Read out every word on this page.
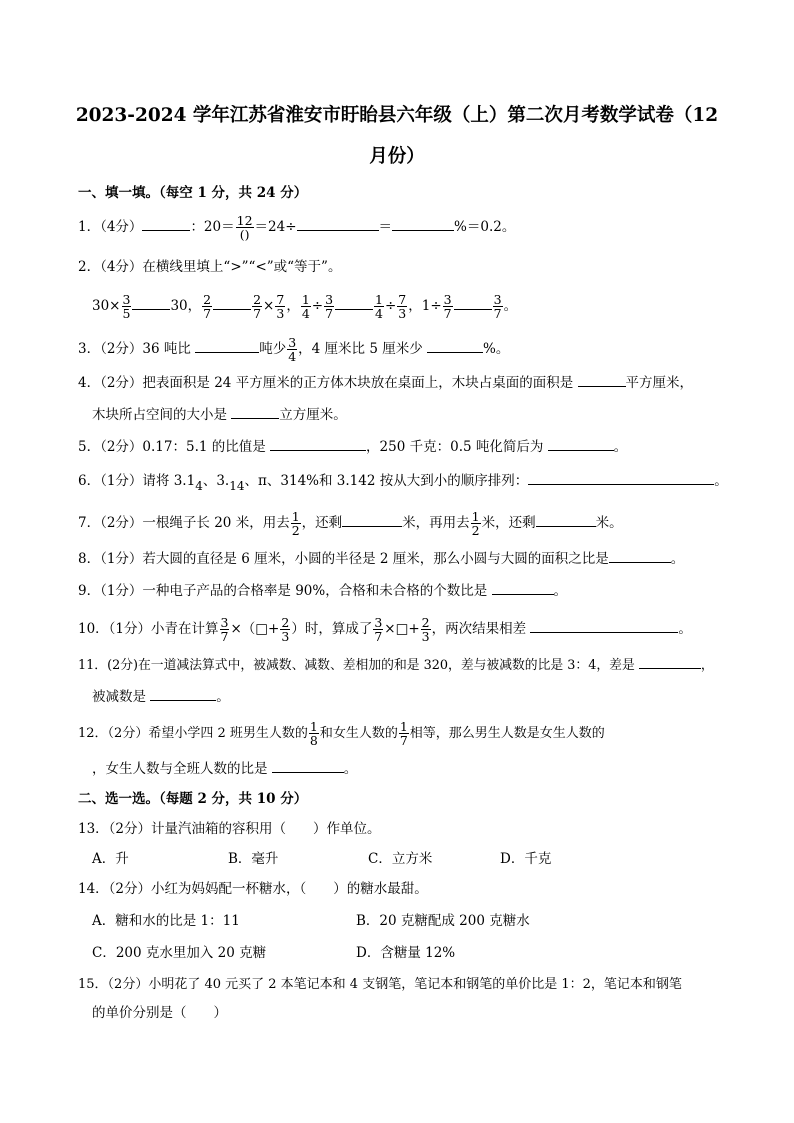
2023-2024 学年江苏省淮安市盱眙县六年级（上）第二次月考数学试卷（12
月份）
一、填一填。（每空 1 分，共 24 分）
1．（4分）	：$20= \frac{12}{()} =24\div$	＝	%＝0.2。
2．（4分）在横线里填上“>”“<”或“等于”。
$30\times \frac{3}{5}$	30， $\frac{2}{7}$	$\frac{2}{7} \times \frac{7}{3}$ ， $\frac{1}{4} \div \frac{3}{7}$	$\frac{1}{4} \div \frac{7}{3}$ ，$1\div \frac{3}{7}$	$\frac{3}{7}$ 。
3．（2分）36 吨比	吨少 $\frac{3}{4}$ ，4 厘米比 5 厘米少	%。
4．（2分）把表面积是 24 平方厘米的正方体木块放在桌面上，木块占桌面的面积是	平方厘米，
木块所占空间的大小是	立方厘米。
5．（2分）0.17：5.1 的比值是	，250 千克：0.5 吨化简后为	。
6．（1分）请将 3.14、3.14、π、314%和 3.142 按从大到小的顺序排列：	。
7．（2分）一根绳子长 20 米，用去 $\frac{1}{2}$ ，还剩	米，再用去 $\frac{1}{2}$ 米，还剩	米。
8．（1分）若大圆的直径是 6 厘米，小圆的半径是 2 厘米，那么小圆与大圆的面积之比是	。
9．（1分）一种电子产品的合格率是 90%，合格和未合格的个数比是	。
10．（1分）小青在计算 $\frac{3}{7}$ ×（□+ $\frac{2}{3}$ ）时，算成了 $\frac{3}{7}$ ×□+ $\frac{2}{3}$ ，两次结果相差	。
11．(2分)在一道减法算式中，被减数、减数、差相加的和是 320，差与被减数的比是 3：4，差是	，
被减数是	。
12．（2分）希望小学四 2 班男生人数的 $\frac{1}{8}$ 和女生人数的 $\frac{1}{7}$ 相等，那么男生人数是女生人数的
，女生人数与全班人数的比是	。
二、选一选。（每题 2 分，共 10 分）
13．（2分）计量汽油箱的容积用（　　）作单位。
A．升	B．毫升	C．立方米	D．千克
14．（2分）小红为妈妈配一杯糖水，（　　）的糖水最甜。
A．糖和水的比是 1：11	B．20 克糖配成 200 克糖水
C．200 克水里加入 20 克糖	D．含糖量 12%
15．（2分）小明花了 40 元买了 2 本笔记本和 4 支钢笔，笔记本和钢笔的单价比是 1：2，笔记本和钢笔
的单价分别是（　　）
